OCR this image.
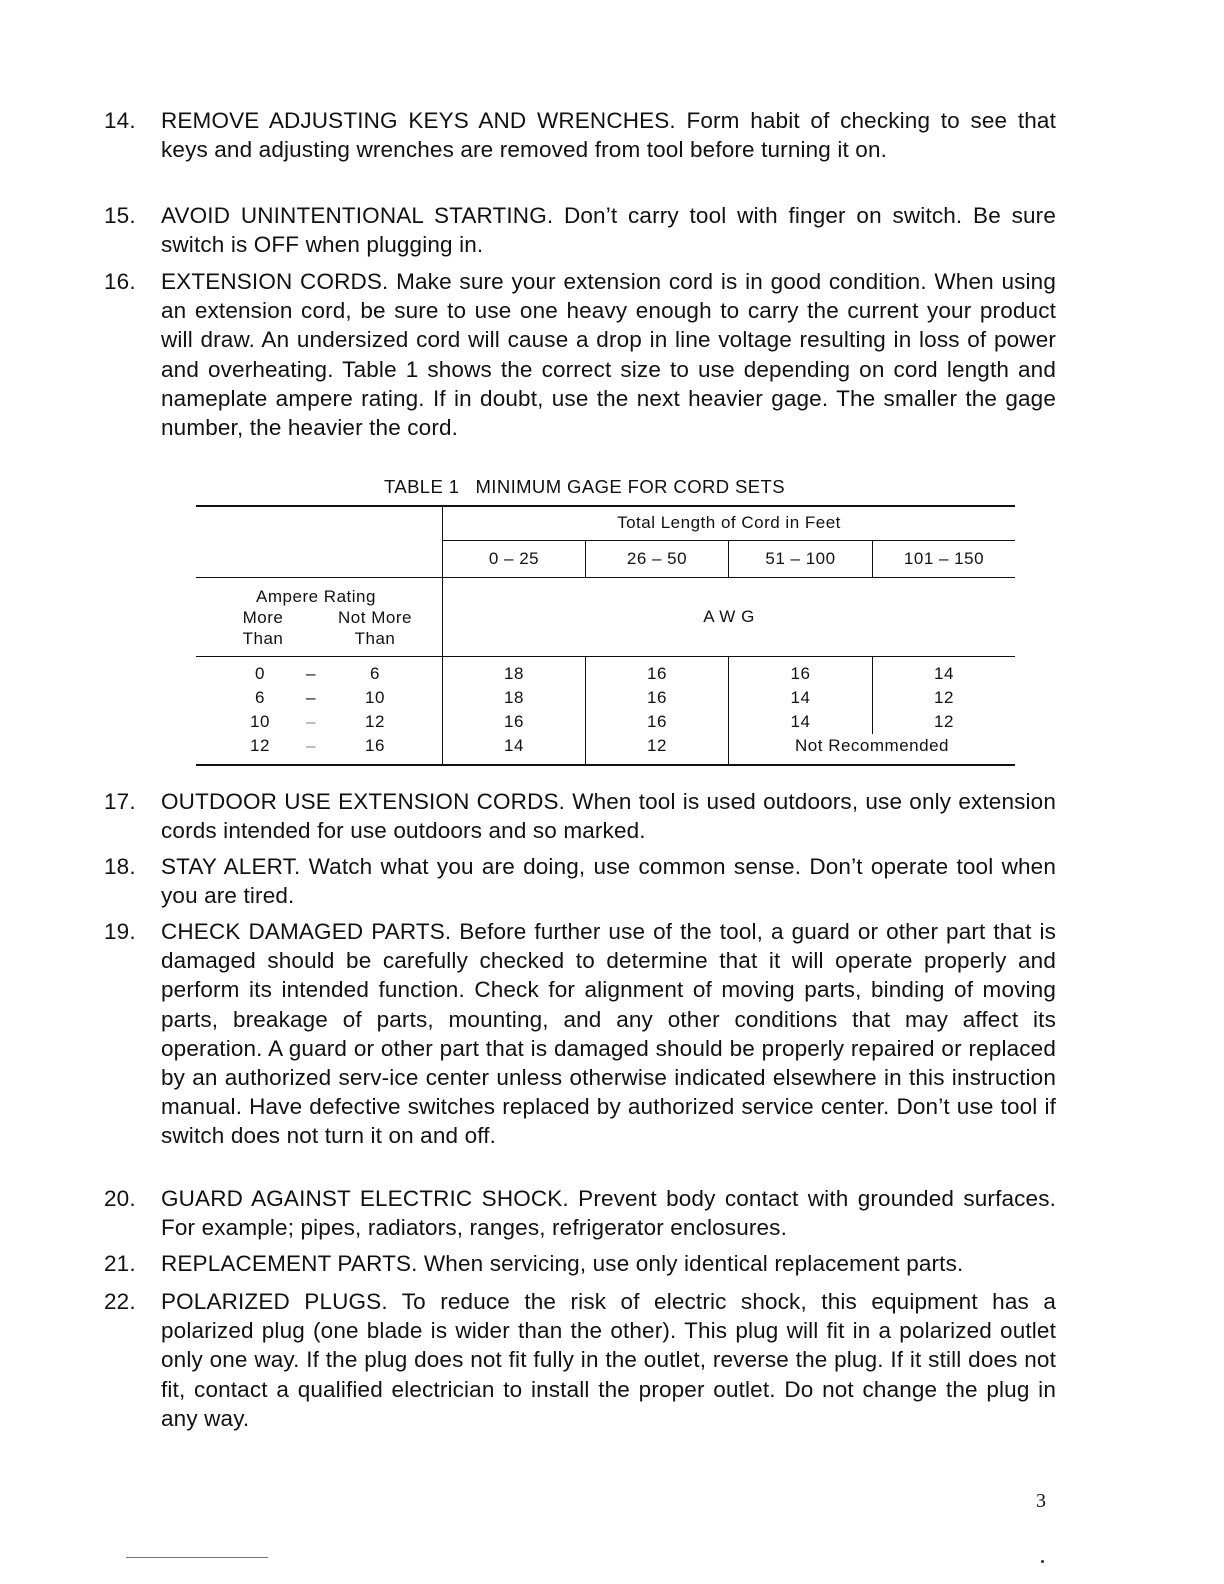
14.	REMOVE ADJUSTING KEYS AND WRENCHES. Form habit of checking to see that keys and adjusting wrenches are removed from tool before turning it on.
15.	AVOID UNINTENTIONAL STARTING. Don’t carry tool with finger on switch. Be sure switch is OFF when plugging in.
16.	EXTENSION CORDS. Make sure your extension cord is in good condition. When using an extension cord, be sure to use one heavy enough to carry the current your product will draw. An undersized cord will cause a drop in line voltage resulting in loss of power and overheating. Table 1 shows the correct size to use depending on cord length and nameplate ampere rating. If in doubt, use the next heavier gage. The smaller the gage number, the heavier the cord.
TABLE 1 MINIMUM GAGE FOR CORD SETS
Total Length of Cord in Feet
0 – 25	26 – 50	51 – 100	101 – 150
Ampere Rating
More
Than
Not More
Than
A W G
0	–	6	18	16	16	14
6	–	10	18	16	14	12
10	–	12	16	16	14	12
12	–	16	14	12	Not Recommended
17.	OUTDOOR USE EXTENSION CORDS. When tool is used outdoors, use only extension cords intended for use outdoors and so marked.
18.	STAY ALERT. Watch what you are doing, use common sense. Don’t operate tool when you are tired.
19.	CHECK DAMAGED PARTS. Before further use of the tool, a guard or other part that is damaged should be carefully checked to determine that it will operate properly and perform its intended function. Check for alignment of moving parts, binding of moving parts, breakage of parts, mounting, and any other conditions that may affect its operation. A guard or other part that is damaged should be properly repaired or replaced by an authorized serv-ice center unless otherwise indicated elsewhere in this instruction manual. Have defective switches replaced by authorized service center. Don’t use tool if switch does not turn it on and off.
20.	GUARD AGAINST ELECTRIC SHOCK. Prevent body contact with grounded surfaces. For example; pipes, radiators, ranges, refrigerator enclosures.
21.	REPLACEMENT PARTS. When servicing, use only identical replacement parts.
22.	POLARIZED PLUGS. To reduce the risk of electric shock, this equipment has a polarized plug (one blade is wider than the other). This plug will fit in a polarized outlet only one way. If the plug does not fit fully in the outlet, reverse the plug. If it still does not fit, contact a qualified electrician to install the proper outlet. Do not change the plug in any way.
3
